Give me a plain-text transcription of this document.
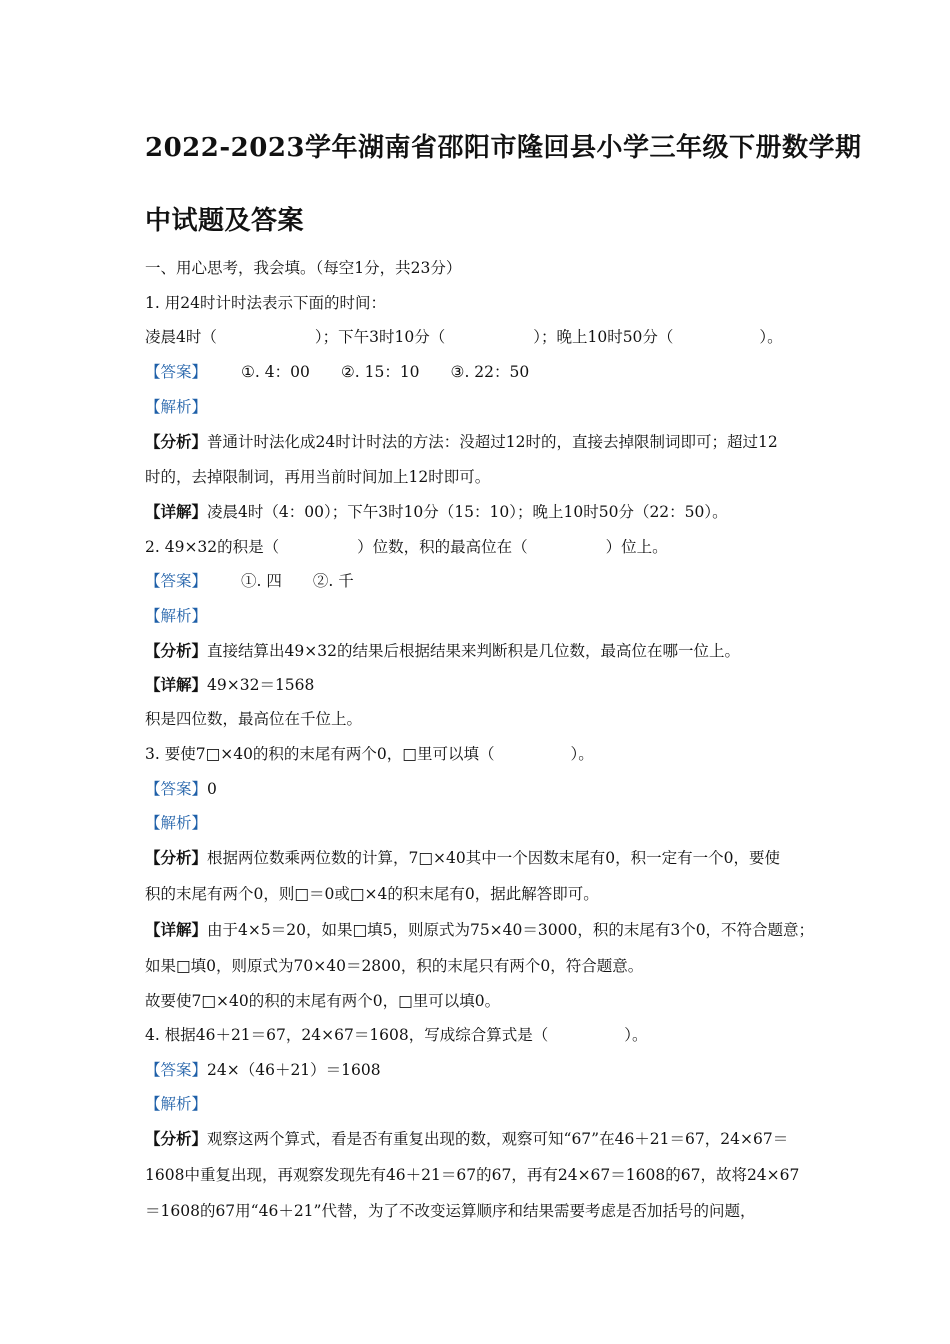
2022-2023学年湖南省邵阳市隆回县小学三年级下册数学期
中试题及答案

一、用心思考，我会填。（每空1分，共23分）

1. 用24时计时法表示下面的时间：

凌晨4时（	）；下午3时10分（	）；晚上10时50分（	）。

【答案】 ①. 4：00　　②. 15：10　　③. 22：50

【解析】

【分析】普通计时法化成24时计时法的方法：没超过12时的，直接去掉限制词即可；超过12

时的，去掉限制词，再用当前时间加上12时即可。

【详解】凌晨4时（4：00）；下午3时10分（15：10）；晚上10时50分（22：50）。

2. 49×32的积是（	）位数，积的最高位在（	）位上。

【答案】 ①. 四　　②. 千

【解析】

【分析】直接结算出49×32的结果后根据结果来判断积是几位数，最高位在哪一位上。

【详解】49×32＝1568

积是四位数，最高位在千位上。

3. 要使7□×40的积的末尾有两个0，□里可以填（	）。

【答案】0

【解析】

【分析】根据两位数乘两位数的计算，7□×40其中一个因数末尾有0，积一定有一个0，要使

积的末尾有两个0，则□＝0或□×4的积末尾有0，据此解答即可。

【详解】由于4×5＝20，如果□填5，则原式为75×40＝3000，积的末尾有3个0，不符合题意；

如果□填0，则原式为70×40＝2800，积的末尾只有两个0，符合题意。

故要使7□×40的积的末尾有两个0，□里可以填0。

4. 根据46＋21＝67，24×67＝1608，写成综合算式是（	）。

【答案】24×（46＋21）＝1608

【解析】

【分析】观察这两个算式，看是否有重复出现的数，观察可知“67”在46＋21＝67，24×67＝

1608中重复出现，再观察发现先有46＋21＝67的67，再有24×67＝1608的67，故将24×67

＝1608的67用“46＋21”代替，为了不改变运算顺序和结果需要考虑是否加括号的问题，
